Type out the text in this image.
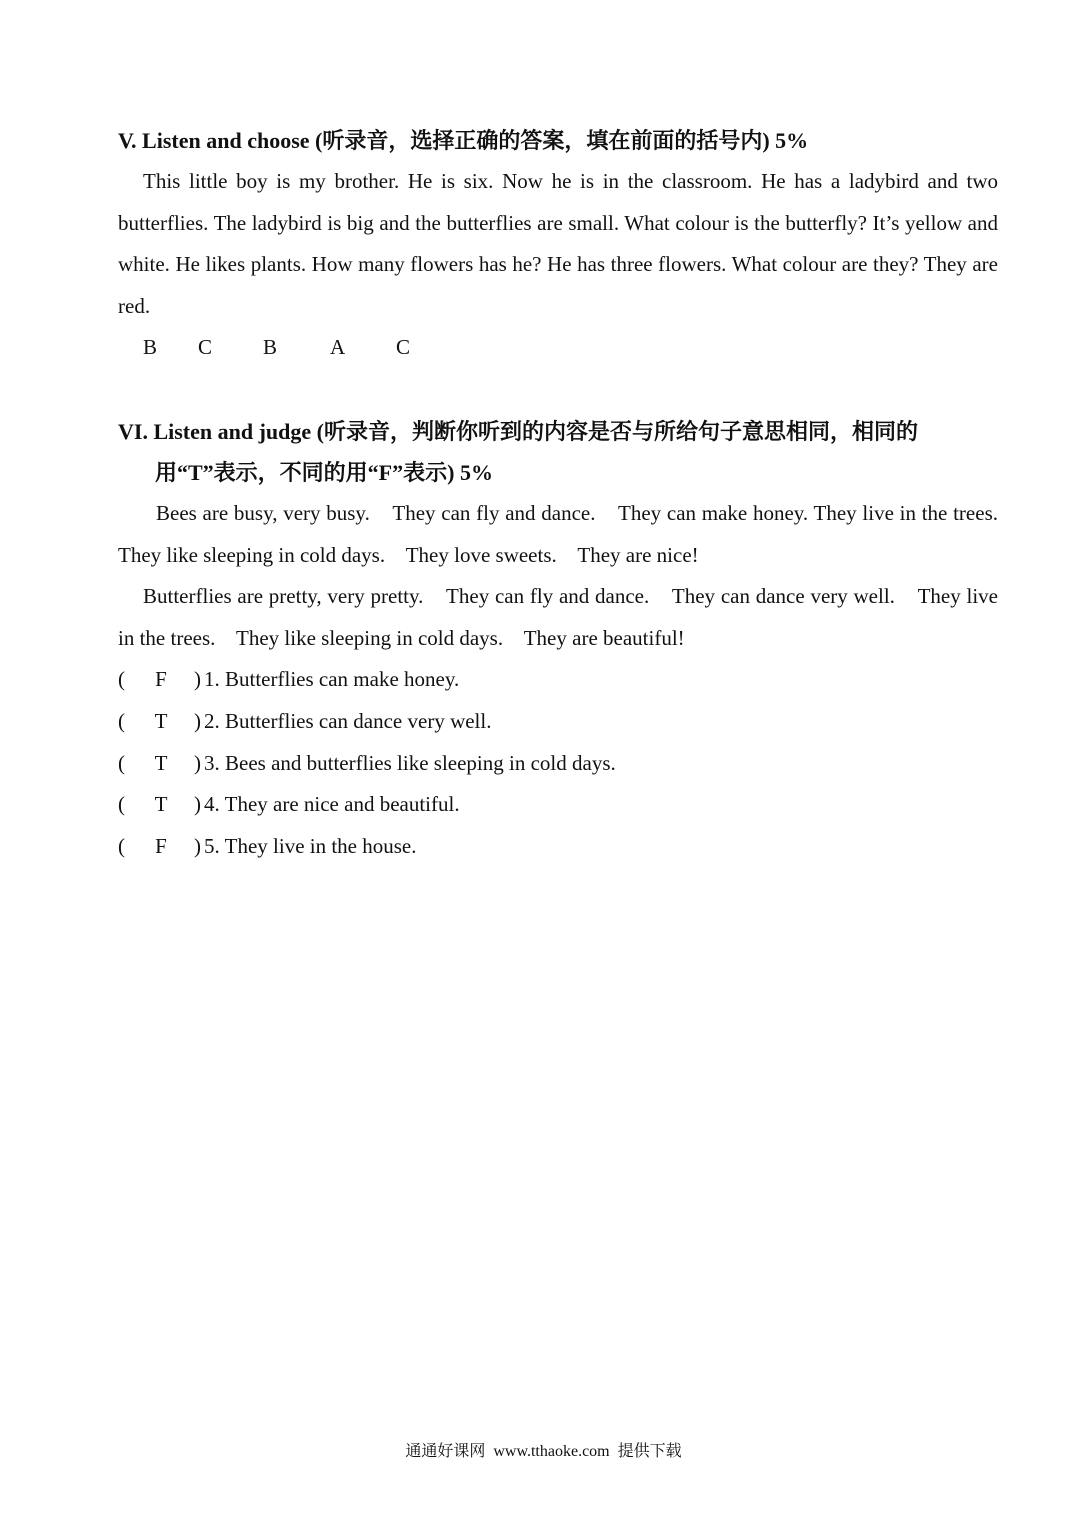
V. Listen and choose (听录音，选择正确的答案，填在前面的括号内) 5%

This little boy is my brother. He is six. Now he is in the classroom. He has a ladybird and two butterflies. The ladybird is big and the butterflies are small. What colour is the butterfly? It’s yellow and white. He likes plants. How many flowers has he? He has three flowers. What colour are they? They are red.

B C B	A C

VI. Listen and judge (听录音，判断你听到的内容是否与所给句子意思相同，相同的用“T”表示，不同的用“F”表示) 5%

Bees are busy, very busy.    They can fly and dance.    They can make honey. They live in the trees.    They like sleeping in cold days.    They love sweets.    They are nice!

Butterflies are pretty, very pretty.    They can fly and dance.    They can dance very well.    They live in the trees.    They like sleeping in cold days.    They are beautiful!

( F ) 1. Butterflies can make honey.
( T ) 2. Butterflies can dance very well.
( T ) 3. Bees and butterflies like sleeping in cold days.
( T ) 4. They are nice and beautiful.
( F ) 5. They live in the house.
通通好课网  www.tthaoke.com  提供下载
